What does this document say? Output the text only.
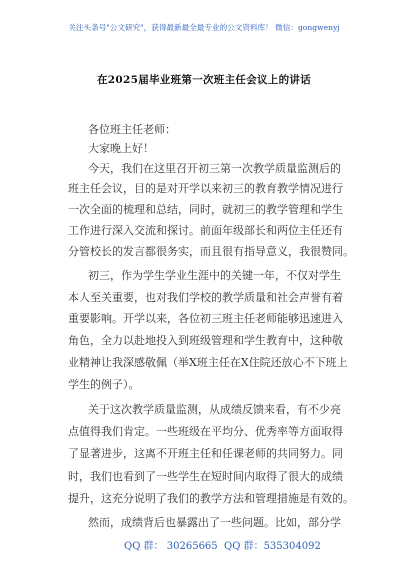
关注头条号"公文研究"，获得最新最全最专业的公文资料库！ 微信：gongwenyj
在2025届毕业班第一次班主任会议上的讲话
各位班主任老师：
大家晚上好！
今天，我们在这里召开初三第一次教学质量监测后的
班主任会议，目的是对开学以来初三的教育教学情况进行
一次全面的梳理和总结，同时，就初三的教学管理和学生
工作进行深入交流和探讨。前面年级部长和两位主任还有
分管校长的发言都很务实，而且很有指导意义，我很赞同。
初三，作为学生学业生涯中的关键一年，不仅对学生
本人至关重要，也对我们学校的教学质量和社会声誉有着
重要影响。开学以来，各位初三班主任老师能够迅速进入
角色，全力以赴地投入到班级管理和学生教育中，这种敬
业精神让我深感敬佩（举X班主任在X住院还放心不下班上
学生的例子）。
关于这次教学质量监测，从成绩反馈来看，有不少亮
点值得我们肯定。一些班级在平均分、优秀率等方面取得
了显著进步，这离不开班主任和任课老师的共同努力。同
时，我们也看到了一些学生在短时间内取得了很大的成绩
提升，这充分说明了我们的教学方法和管理措施是有效的。
然而，成绩背后也暴露出了一些问题。比如，部分学
QQ 群： 30265665 QQ 群：535304092
